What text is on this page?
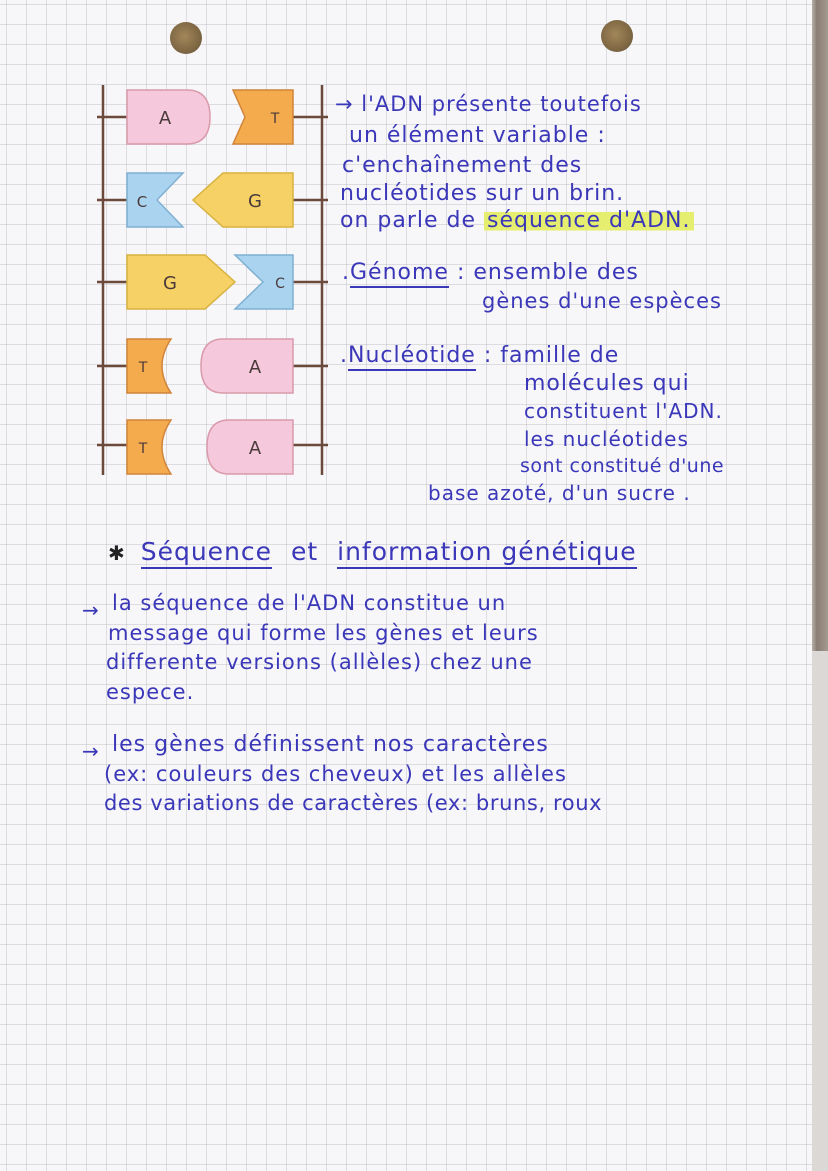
A	T
C	G
G	C
T	A
T	A

→ l'ADN présente toutefois

un élément variable :

c'enchaînement des

nucléotides sur un brin.

on parle de séquence d'ADN.

.Génome : ensemble des

gènes d'une espèces

.Nucléotide : famille de

molécules qui

constituent l'ADN.

les nucléotides

sont constitué d'une

base azoté, d'un sucre .

✱ Séquence et information génétique

→ la séquence de l'ADN constitue un

message qui forme les gènes et leurs

differente versions (allèles) chez une

espece.

→ les gènes définissent nos caractères

(ex: couleurs des cheveux) et les allèles

des variations de caractères (ex: bruns, roux
